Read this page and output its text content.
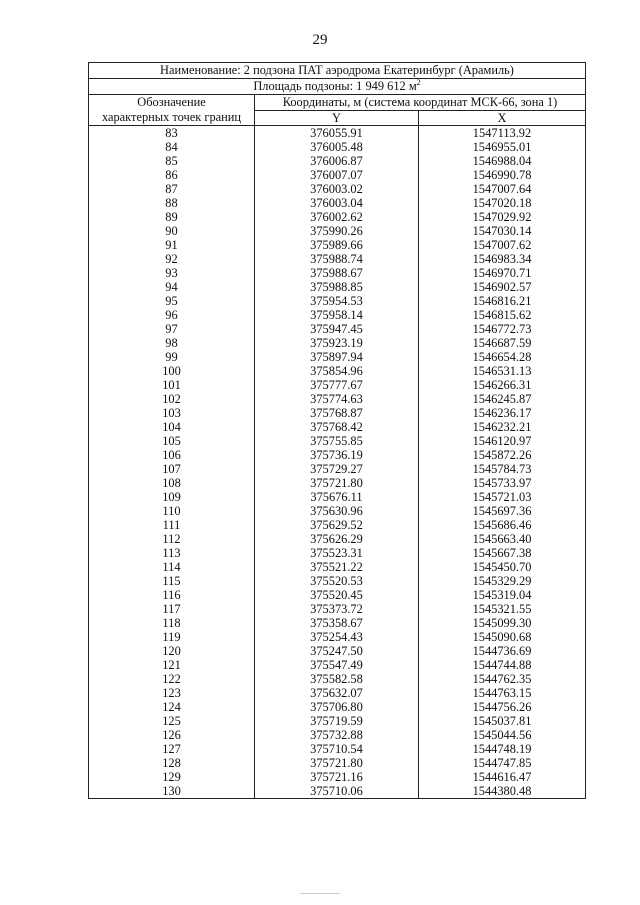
29
Наименование: 2 подзона ПАТ аэродрома Екатеринбург (Арамиль)		
Площадь подзоны: 1 949 612 $м^2$

Обозначение
характерных точек границ	Координаты, м (система координат МСК-66, зона 1)	
	Y	X
83	376055.91	1547113.92
84	376005.48	1546955.01
85	376006.87	1546988.04
86	376007.07	1546990.78
87	376003.02	1547007.64
88	376003.04	1547020.18
89	376002.62	1547029.92
90	375990.26	1547030.14
91	375989.66	1547007.62
92	375988.74	1546983.34
93	375988.67	1546970.71
94	375988.85	1546902.57
95	375954.53	1546816.21
96	375958.14	1546815.62
97	375947.45	1546772.73
98	375923.19	1546687.59
99	375897.94	1546654.28
100	375854.96	1546531.13
101	375777.67	1546266.31
102	375774.63	1546245.87
103	375768.87	1546236.17
104	375768.42	1546232.21
105	375755.85	1546120.97
106	375736.19	1545872.26
107	375729.27	1545784.73
108	375721.80	1545733.97
109	375676.11	1545721.03
110	375630.96	1545697.36
111	375629.52	1545686.46
112	375626.29	1545663.40
113	375523.31	1545667.38
114	375521.22	1545450.70
115	375520.53	1545329.29
116	375520.45	1545319.04
117	375373.72	1545321.55
118	375358.67	1545099.30
119	375254.43	1545090.68
120	375247.50	1544736.69
121	375547.49	1544744.88
122	375582.58	1544762.35
123	375632.07	1544763.15
124	375706.80	1544756.26
125	375719.59	1545037.81
126	375732.88	1545044.56
127	375710.54	1544748.19
128	375721.80	1544747.85
129	375721.16	1544616.47
130	375710.06	1544380.48
